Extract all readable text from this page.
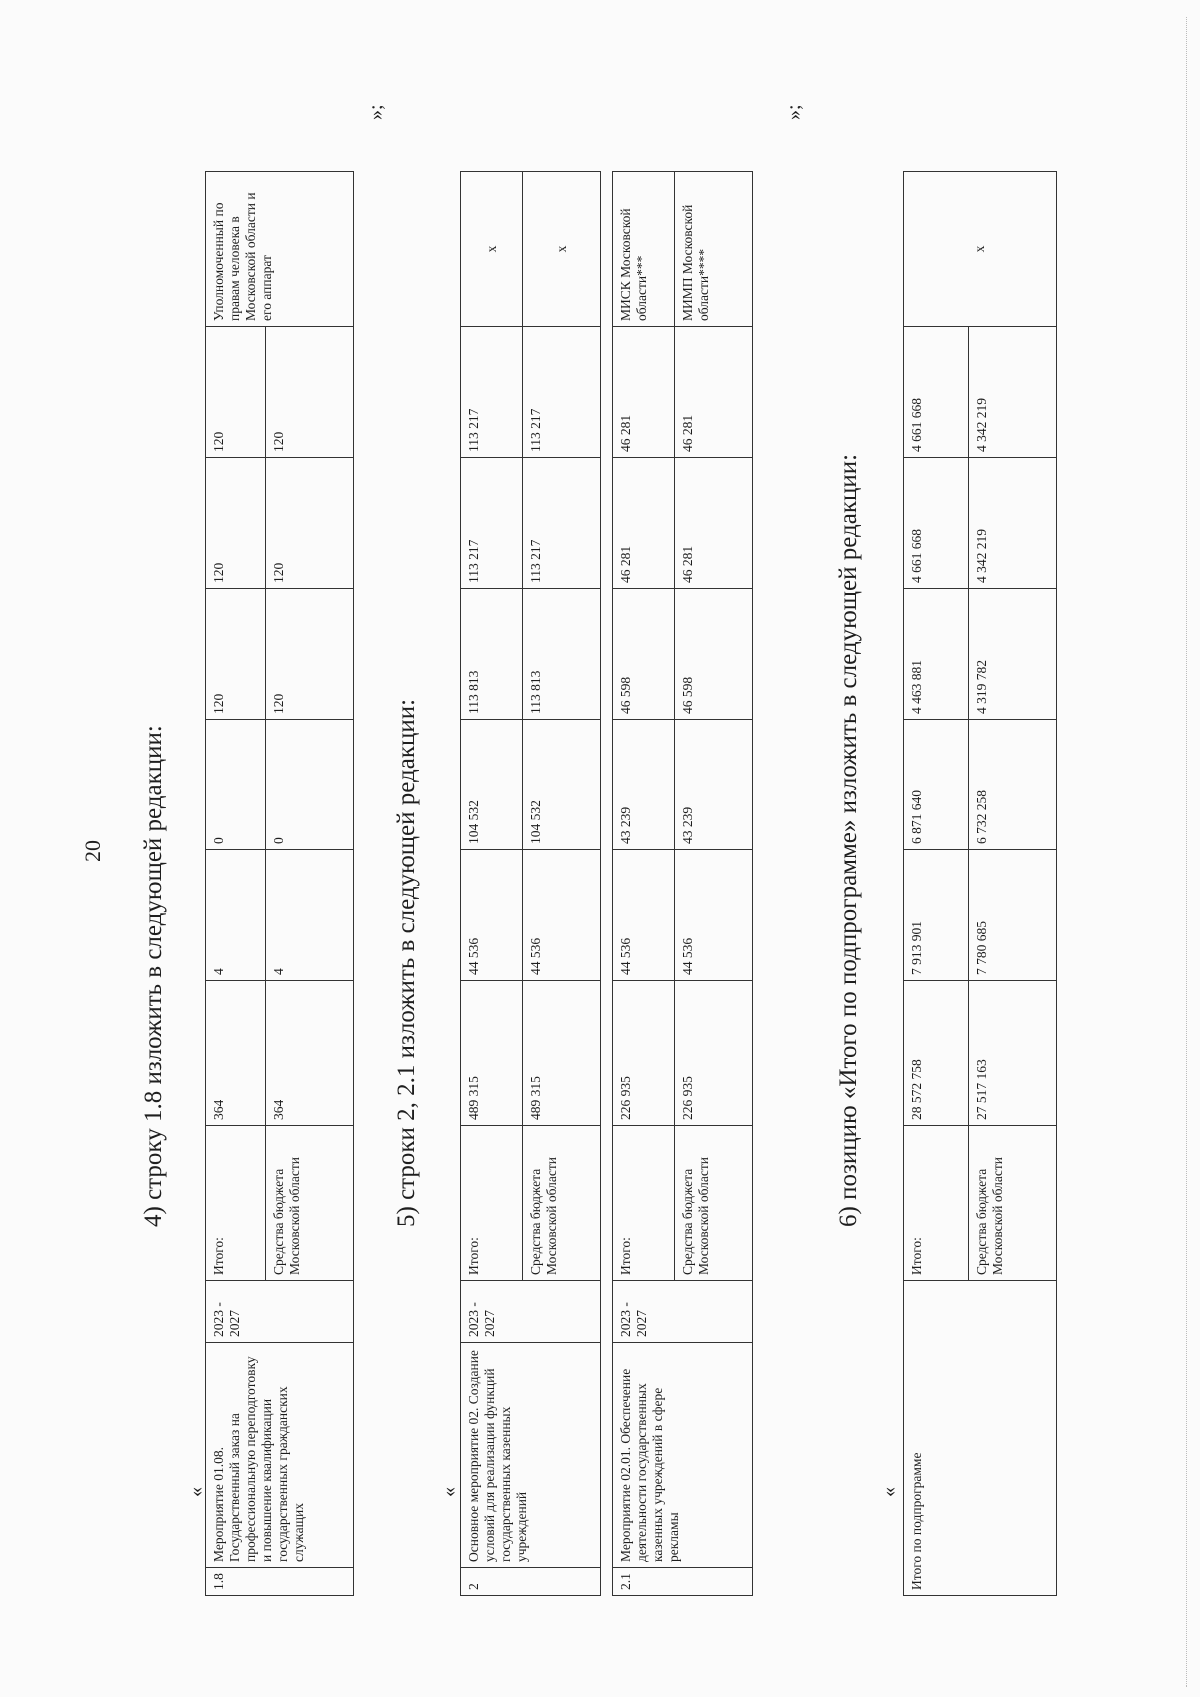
20 4) строку 1.8 изложить в следующей редакции:
«
1.8	Мероприятие 01.08. Государственный заказ на профессиональную переподготовку и повышение квалификации государственных гражданских служащих	2023 - 2027	Итого:	364	4	0	120	120	120	Уполномоченный по правам человека в Московской области и его аппарат
			Средства бюджета Московской области	364	4	0	120	120	120	
»;
5) строки 2, 2.1 изложить в следующей редакции:
«
2	Основное мероприятие 02. Создание условий для реализации функций государственных казенных учреждений	2023 - 2027	Итого:	489 315	44 536	104 532	113 813	113 217	113 217	x
			Средства бюджета Московской области	489 315	44 536	104 532	113 813	113 217	113 217	x

2.1	Мероприятие 02.01. Обеспечение деятельности государственных казенных учреждений в сфере рекламы	2023 - 2027	Итого:	226 935	44 536	43 239	46 598	46 281	46 281	МИСК Московской области***
			Средства бюджета Московской области	226 935	44 536	43 239	46 598	46 281	46 281	МИМП Московской области****
»;
6) позицию «Итого по подпрограмме» изложить в следующей редакции:
« Итого по подпрограмме	Итого:	28 572 758	7 913 901	6 871 640	4 463 881	4 661 668	4 661 668	x
	Средства бюджета Московской области	27 517 163	7 780 685	6 732 258	4 319 782	4 342 219	4 342 219	
